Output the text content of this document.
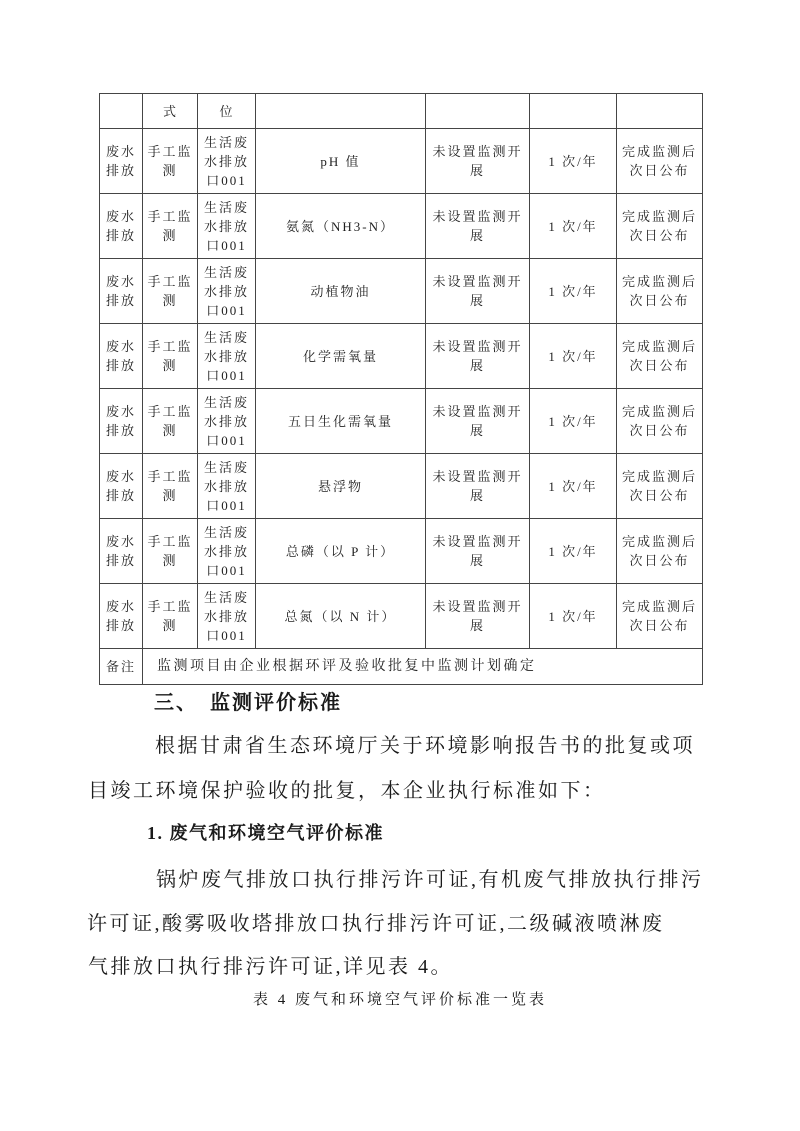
	式	位				
废水排放	手工监测	生活废水排放口001	pH 值	未设置监测开展	1 次/年	完成监测后次日公布
废水排放	手工监测	生活废水排放口001	氨氮（NH3-N）	未设置监测开展	1 次/年	完成监测后次日公布
废水排放	手工监测	生活废水排放口001	动植物油	未设置监测开展	1 次/年	完成监测后次日公布
废水排放	手工监测	生活废水排放口001	化学需氧量	未设置监测开展	1 次/年	完成监测后次日公布
废水排放	手工监测	生活废水排放口001	五日生化需氧量	未设置监测开展	1 次/年	完成监测后次日公布
废水排放	手工监测	生活废水排放口001	悬浮物	未设置监测开展	1 次/年	完成监测后次日公布
废水排放	手工监测	生活废水排放口001	总磷（以 P 计）	未设置监测开展	1 次/年	完成监测后次日公布
废水排放	手工监测	生活废水排放口001	总氮（以 N 计）	未设置监测开展	1 次/年	完成监测后次日公布
备注	监测项目由企业根据环评及验收批复中监测计划确定					
三、　监测评价标准
根据甘肃省生态环境厅关于环境影响报告书的批复或项
目竣工环境保护验收的批复，本企业执行标准如下：
1. 废气和环境空气评价标准
锅炉废气排放口执行排污许可证,有机废气排放执行排污
许可证,酸雾吸收塔排放口执行排污许可证,二级碱液喷淋废
气排放口执行排污许可证,详见表 4。
表 4 废气和环境空气评价标准一览表
